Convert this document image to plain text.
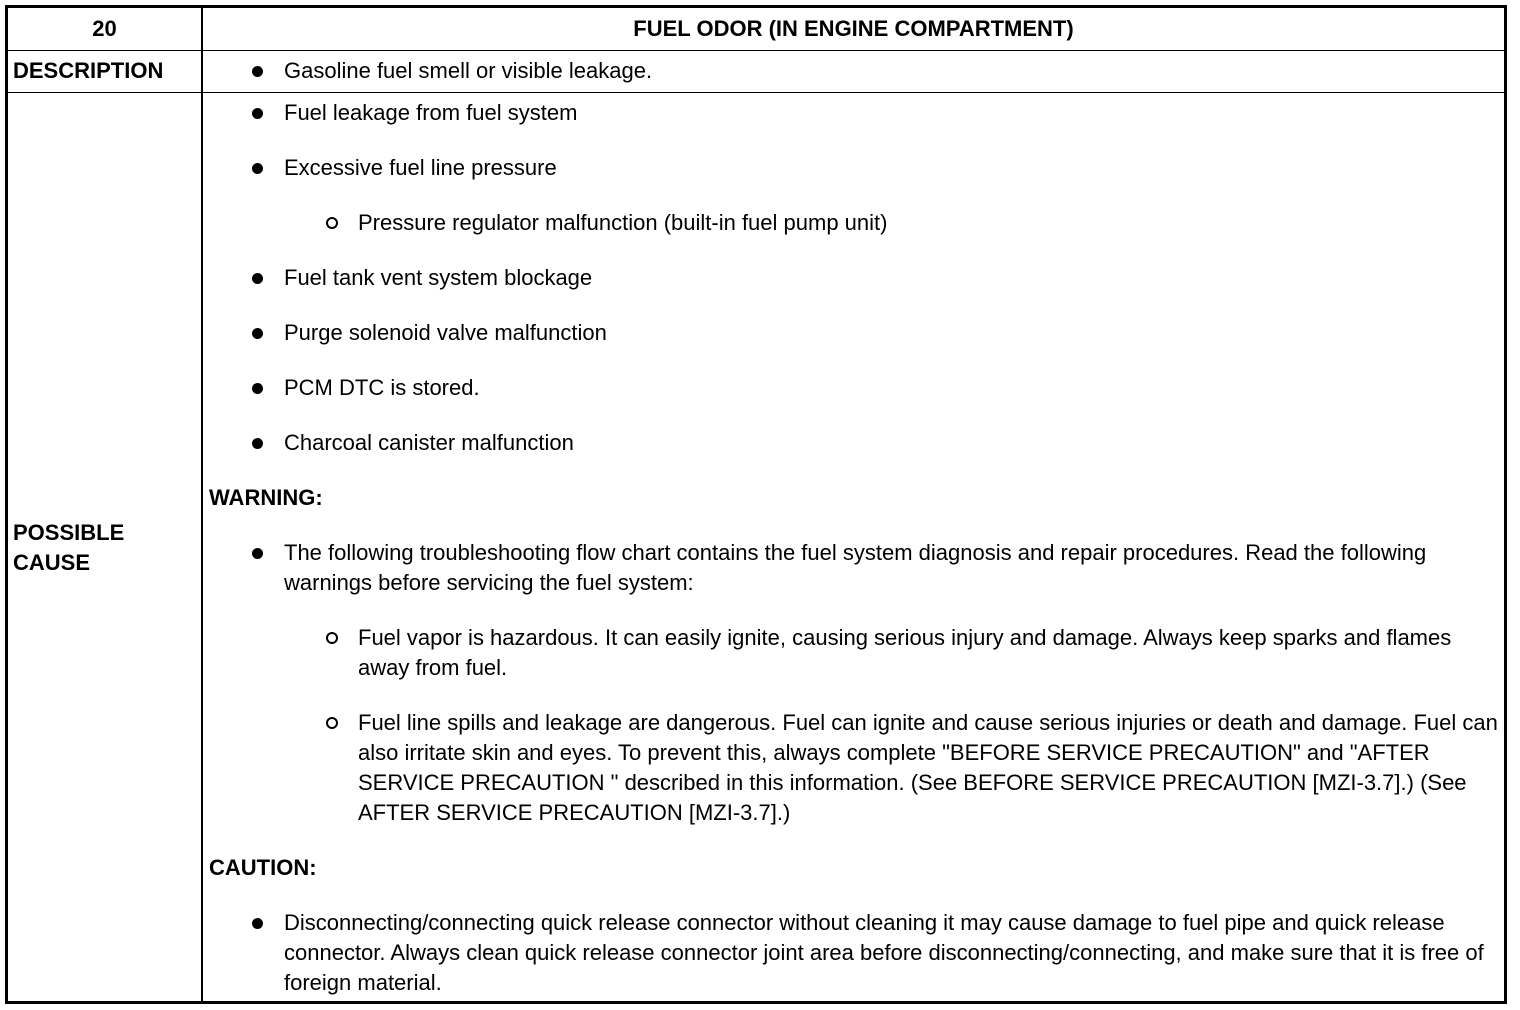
20	FUEL ODOR (IN ENGINE COMPARTMENT)
DESCRIPTION	Gasoline fuel smell or visible leakage.
POSSIBLE
CAUSE
Fuel leakage from fuel system
Excessive fuel line pressure
Pressure regulator malfunction (built-in fuel pump unit)
Fuel tank vent system blockage
Purge solenoid valve malfunction
PCM DTC is stored.
Charcoal canister malfunction
WARNING:
The following troubleshooting flow chart contains the fuel system diagnosis and repair procedures. Read the following warnings before servicing the fuel system:
Fuel vapor is hazardous. It can easily ignite, causing serious injury and damage. Always keep sparks and flames away from fuel.
Fuel line spills and leakage are dangerous. Fuel can ignite and cause serious injuries or death and damage. Fuel can also irritate skin and eyes. To prevent this, always complete "BEFORE SERVICE PRECAUTION" and "AFTER SERVICE PRECAUTION " described in this information. (See BEFORE SERVICE PRECAUTION [MZI-3.7].) (See AFTER SERVICE PRECAUTION [MZI-3.7].)
CAUTION:
Disconnecting/connecting quick release connector without cleaning it may cause damage to fuel pipe and quick release connector. Always clean quick release connector joint area before disconnecting/connecting, and make sure that it is free of foreign material.
